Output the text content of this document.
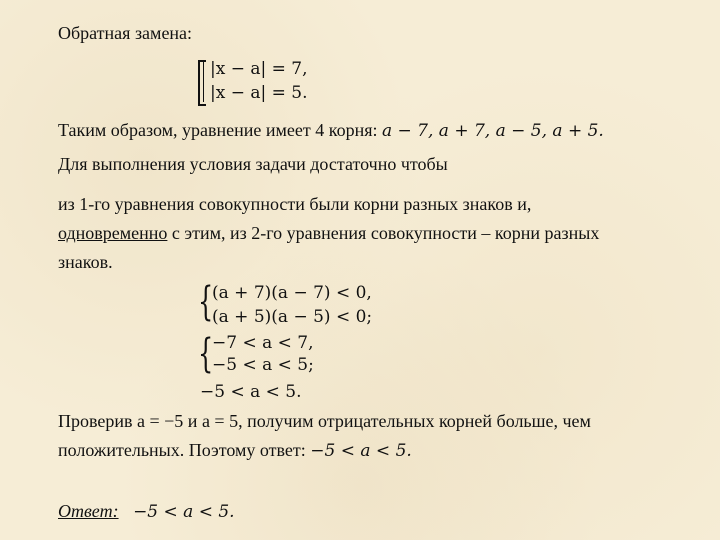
Обратная замена:
|x − a| = 7,
|x − a| = 5.
Таким образом, уравнение имеет 4 корня: a − 7, a + 7, a − 5, a + 5.
Для выполнения условия задачи достаточно чтобы
из 1-го уравнения совокупности были корни разных знаков и,
одновременно с этим, из 2-го уравнения совокупности – корни разных
знаков.
{
(a + 7)(a − 7) < 0,
(a + 5)(a − 5) < 0;
{
−7 < a < 7,
−5 < a < 5;
−5 < a < 5.
Проверив a = −5 и a = 5, получим отрицательных корней больше, чем
положительных. Поэтому ответ: −5 < a < 5.
Ответ: −5 < a < 5.
